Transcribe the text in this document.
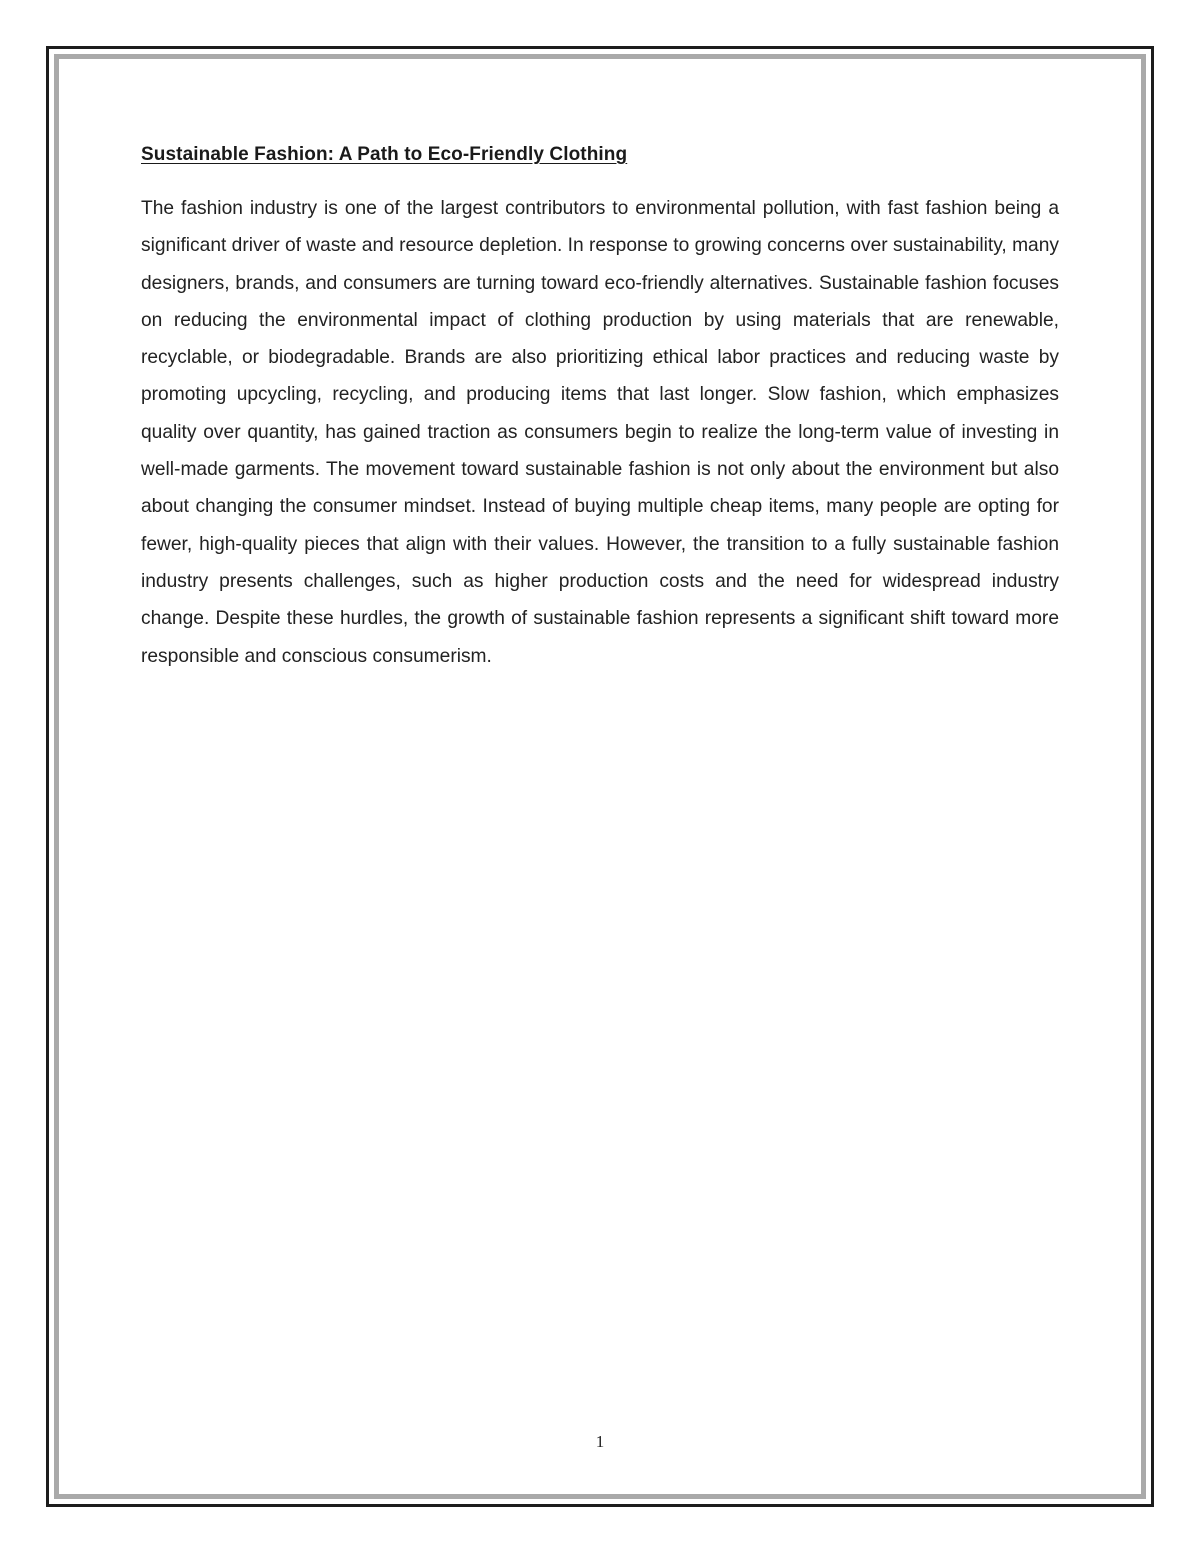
Sustainable Fashion: A Path to Eco-Friendly Clothing

The fashion industry is one of the largest contributors to environmental pollution, with fast fashion being a significant driver of waste and resource depletion. In response to growing concerns over sustainability, many designers, brands, and consumers are turning toward eco-friendly alternatives. Sustainable fashion focuses on reducing the environmental impact of clothing production by using materials that are renewable, recyclable, or biodegradable. Brands are also prioritizing ethical labor practices and reducing waste by promoting upcycling, recycling, and producing items that last longer. Slow fashion, which emphasizes quality over quantity, has gained traction as consumers begin to realize the long-term value of investing in well-made garments. The movement toward sustainable fashion is not only about the environment but also about changing the consumer mindset. Instead of buying multiple cheap items, many people are opting for fewer, high-quality pieces that align with their values. However, the transition to a fully sustainable fashion industry presents challenges, such as higher production costs and the need for widespread industry change. Despite these hurdles, the growth of sustainable fashion represents a significant shift toward more responsible and conscious consumerism.

1
